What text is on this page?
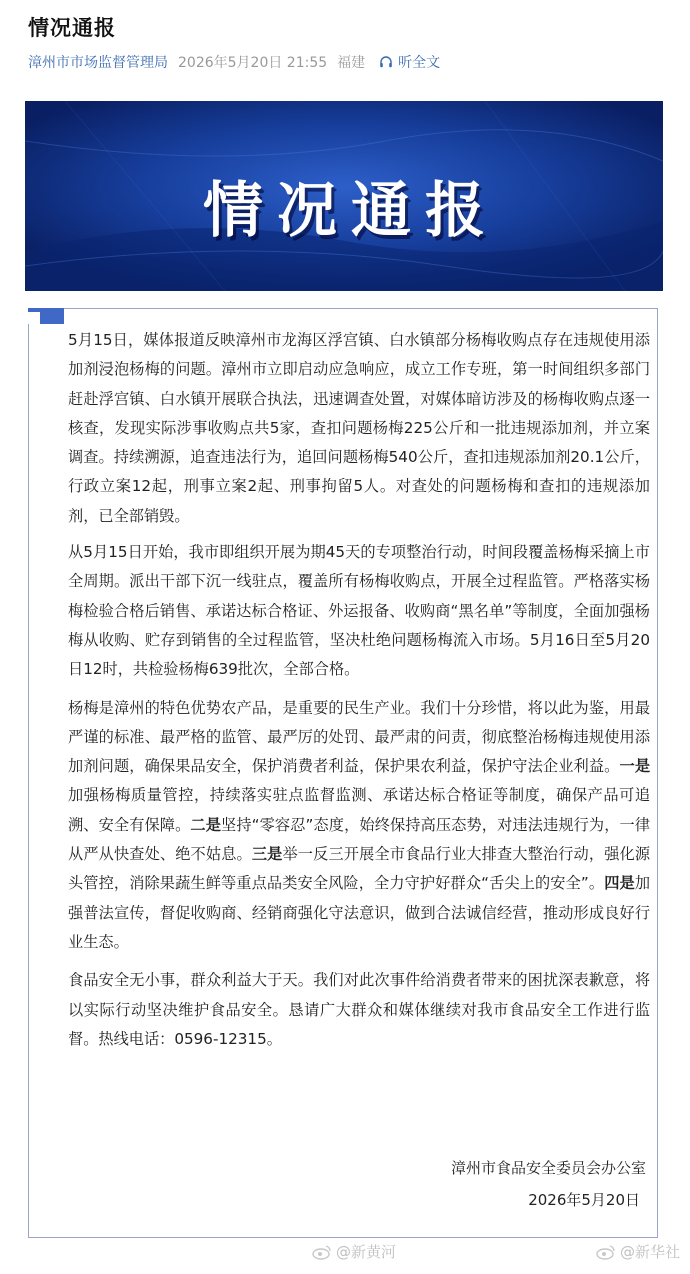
情况通报
漳州市市场监督管理局 2026年5月20日 21:55 福建 听全文
情况通报

5月15日，媒体报道反映漳州市龙海区浮宫镇、白水镇部分杨梅收购点存在违规使用添加剂浸泡杨梅的问题。漳州市立即启动应急响应，成立工作专班，第一时间组织多部门赶赴浮宫镇、白水镇开展联合执法，迅速调查处置，对媒体暗访涉及的杨梅收购点逐一核查，发现实际涉事收购点共5家，查扣问题杨梅225公斤和一批违规添加剂，并立案调查。持续溯源，追查违法行为，追回问题杨梅540公斤，查扣违规添加剂20.1公斤，行政立案12起，刑事立案2起、刑事拘留5人。对查处的问题杨梅和查扣的违规添加剂，已全部销毁。

从5月15日开始，我市即组织开展为期45天的专项整治行动，时间段覆盖杨梅采摘上市全周期。派出干部下沉一线驻点，覆盖所有杨梅收购点，开展全过程监管。严格落实杨梅检验合格后销售、承诺达标合格证、外运报备、收购商“黑名单”等制度，全面加强杨梅从收购、贮存到销售的全过程监管，坚决杜绝问题杨梅流入市场。5月16日至5月20日12时，共检验杨梅639批次，全部合格。

杨梅是漳州的特色优势农产品，是重要的民生产业。我们十分珍惜，将以此为鉴，用最严谨的标准、最严格的监管、最严厉的处罚、最严肃的问责，彻底整治杨梅违规使用添加剂问题，确保果品安全，保护消费者利益，保护果农利益，保护守法企业利益。一是加强杨梅质量管控，持续落实驻点监督监测、承诺达标合格证等制度，确保产品可追溯、安全有保障。二是坚持“零容忍”态度，始终保持高压态势，对违法违规行为，一律从严从快查处、绝不姑息。三是举一反三开展全市食品行业大排查大整治行动，强化源头管控，消除果蔬生鲜等重点品类安全风险，全力守护好群众“舌尖上的安全”。四是加强普法宣传，督促收购商、经销商强化守法意识，做到合法诚信经营，推动形成良好行业生态。

食品安全无小事，群众利益大于天。我们对此次事件给消费者带来的困扰深表歉意，将以实际行动坚决维护食品安全。恳请广大群众和媒体继续对我市食品安全工作进行监督。热线电话：0596-12315。

漳州市食品安全委员会办公室
2026年5月20日
@新黄河	@新华社
